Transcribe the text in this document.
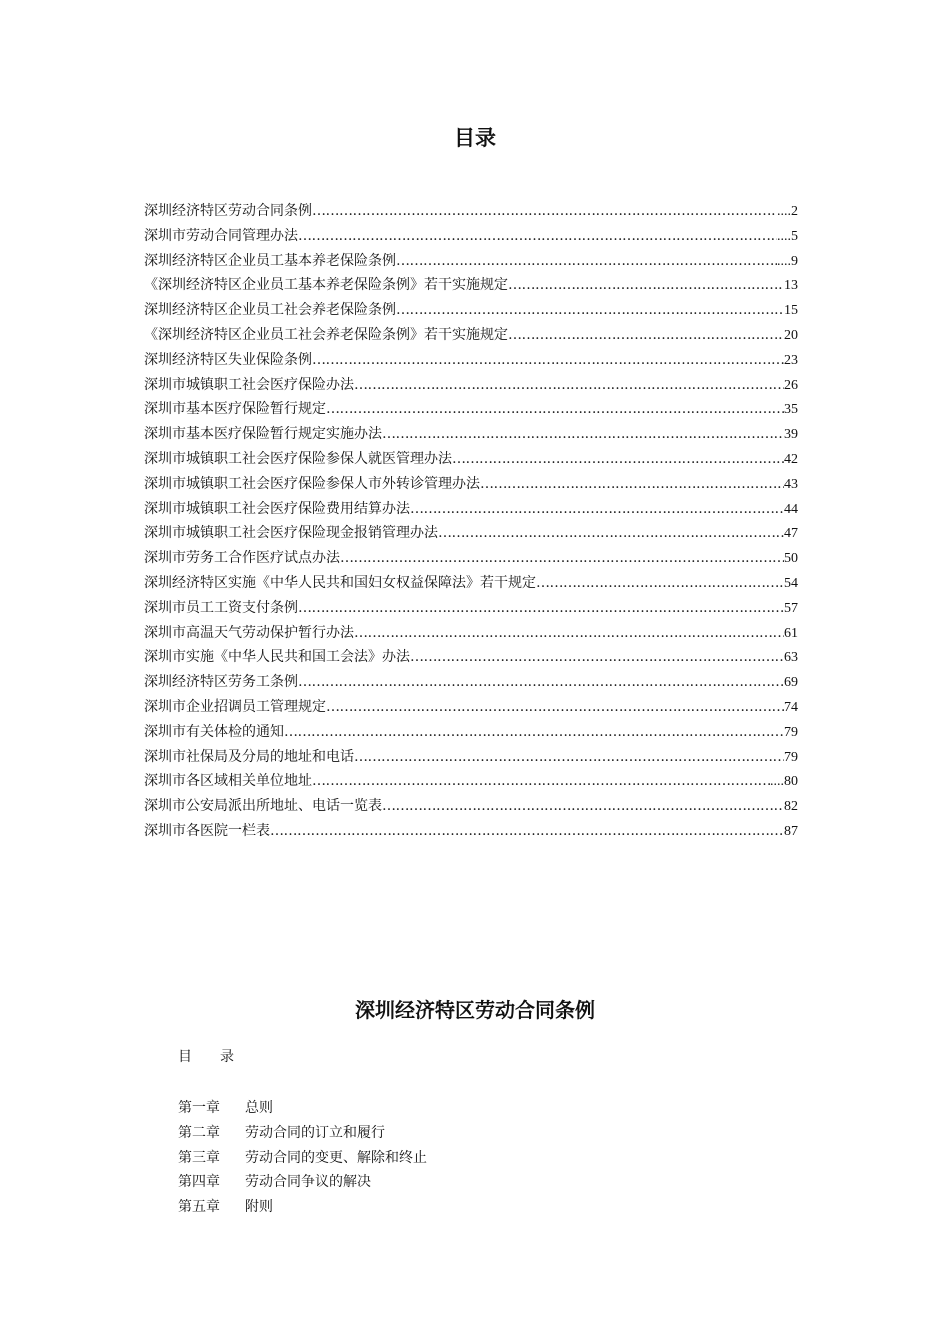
目录
深圳经济特区劳动合同条例 ……………………………………………………………………………………………………………………………………………………………………	....2
深圳市劳动合同管理办法 ……………………………………………………………………………………………………………………………………………………………………	....5
深圳经济特区企业员工基本养老保险条例 ……………………………………………………………………………………………………………………………………………………………………	....9
《深圳经济特区企业员工基本养老保险条例》若干实施规定 ……………………………………………………………………………………………………………………………………………………………………	13
深圳经济特区企业员工社会养老保险条例 ……………………………………………………………………………………………………………………………………………………………………	15
《深圳经济特区企业员工社会养老保险条例》若干实施规定 ……………………………………………………………………………………………………………………………………………………………………	20
深圳经济特区失业保险条例 ……………………………………………………………………………………………………………………………………………………………………	23
深圳市城镇职工社会医疗保险办法 ……………………………………………………………………………………………………………………………………………………………………	26
深圳市基本医疗保险暂行规定 ……………………………………………………………………………………………………………………………………………………………………	35
深圳市基本医疗保险暂行规定实施办法 ……………………………………………………………………………………………………………………………………………………………………	39
深圳市城镇职工社会医疗保险参保人就医管理办法 ……………………………………………………………………………………………………………………………………………………………………	42
深圳市城镇职工社会医疗保险参保人市外转诊管理办法 ……………………………………………………………………………………………………………………………………………………………………	43
深圳市城镇职工社会医疗保险费用结算办法 ……………………………………………………………………………………………………………………………………………………………………	44
深圳市城镇职工社会医疗保险现金报销管理办法 ……………………………………………………………………………………………………………………………………………………………………	47
深圳市劳务工合作医疗试点办法 ……………………………………………………………………………………………………………………………………………………………………	50
深圳经济特区实施《中华人民共和国妇女权益保障法》若干规定 ……………………………………………………………………………………………………………………………………………………………………	54
深圳市员工工资支付条例 ……………………………………………………………………………………………………………………………………………………………………	57
深圳市高温天气劳动保护暂行办法 ……………………………………………………………………………………………………………………………………………………………………	61
深圳市实施《中华人民共和国工会法》办法 ……………………………………………………………………………………………………………………………………………………………………	63
深圳经济特区劳务工条例 ……………………………………………………………………………………………………………………………………………………………………	69
深圳市企业招调员工管理规定 ……………………………………………………………………………………………………………………………………………………………………	74
深圳市有关体检的通知 ……………………………………………………………………………………………………………………………………………………………………	79
深圳市社保局及分局的地址和电话 ……………………………………………………………………………………………………………………………………………………………………	79
深圳市各区域相关单位地址 ……………………………………………………………………………………………………………………………………………………………………	....80
深圳市公安局派出所地址、电话一览表 ……………………………………………………………………………………………………………………………………………………………………	82
深圳市各医院一栏表 ……………………………………………………………………………………………………………………………………………………………………	87
深圳经济特区劳动合同条例

目录

第一章 总则
第二章 劳动合同的订立和履行
第三章 劳动合同的变更、解除和终止
第四章 劳动合同争议的解决
第五章 附则
